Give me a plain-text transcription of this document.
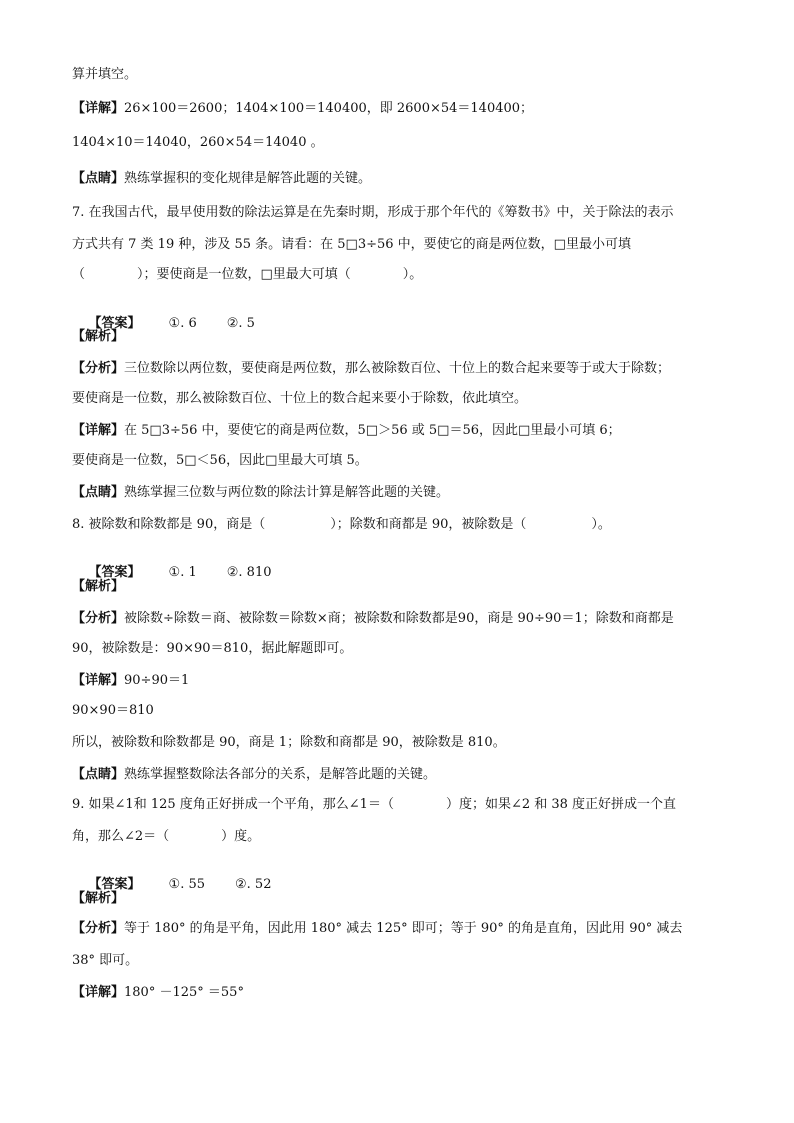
算并填空。
【详解】26×100＝2600；1404×100＝140400，即 2600×54＝140400；
1404×10＝14040，260×54＝14040 。
【点睛】熟练掌握积的变化规律是解答此题的关键。
7. 在我国古代，最早使用数的除法运算是在先秦时期，形成于那个年代的《筹数书》中，关于除法的表示
方式共有 7 类 19 种，涉及 55 条。请看：在 5□3÷56 中，要使它的商是两位数，□里最小可填
（　　　　）；要使商是一位数，□里最大可填（　　　　）。

【答案】 ①. 6 ②. 5

【解析】
【分析】三位数除以两位数，要使商是两位数，那么被除数百位、十位上的数合起来要等于或大于除数；
要使商是一位数，那么被除数百位、十位上的数合起来要小于除数，依此填空。
【详解】在 5□3÷56 中，要使它的商是两位数，5□＞56 或 5□＝56，因此□里最小可填 6；
要使商是一位数，5□＜56，因此□里最大可填 5。
【点睛】熟练掌握三位数与两位数的除法计算是解答此题的关键。
8. 被除数和除数都是 90，商是（　　　　　）；除数和商都是 90，被除数是（　　　　　）。

【答案】 ①. 1 ②. 810

【解析】
【分析】被除数÷除数＝商、被除数＝除数×商；被除数和除数都是90，商是 90÷90＝1；除数和商都是
90，被除数是：90×90＝810，据此解题即可。
【详解】90÷90＝1
90×90＝810
所以，被除数和除数都是 90，商是 1；除数和商都是 90，被除数是 810。
【点睛】熟练掌握整数除法各部分的关系，是解答此题的关键。
9. 如果∠1和 125 度角正好拼成一个平角，那么∠1＝（　　　　）度；如果∠2 和 38 度正好拼成一个直
角，那么∠2＝（　　　　）度。

【答案】 ①. 55 ②. 52

【解析】
【分析】等于 180° 的角是平角，因此用 180° 减去 125° 即可；等于 90° 的角是直角，因此用 90° 减去
38° 即可。
【详解】180° －125° ＝55°
